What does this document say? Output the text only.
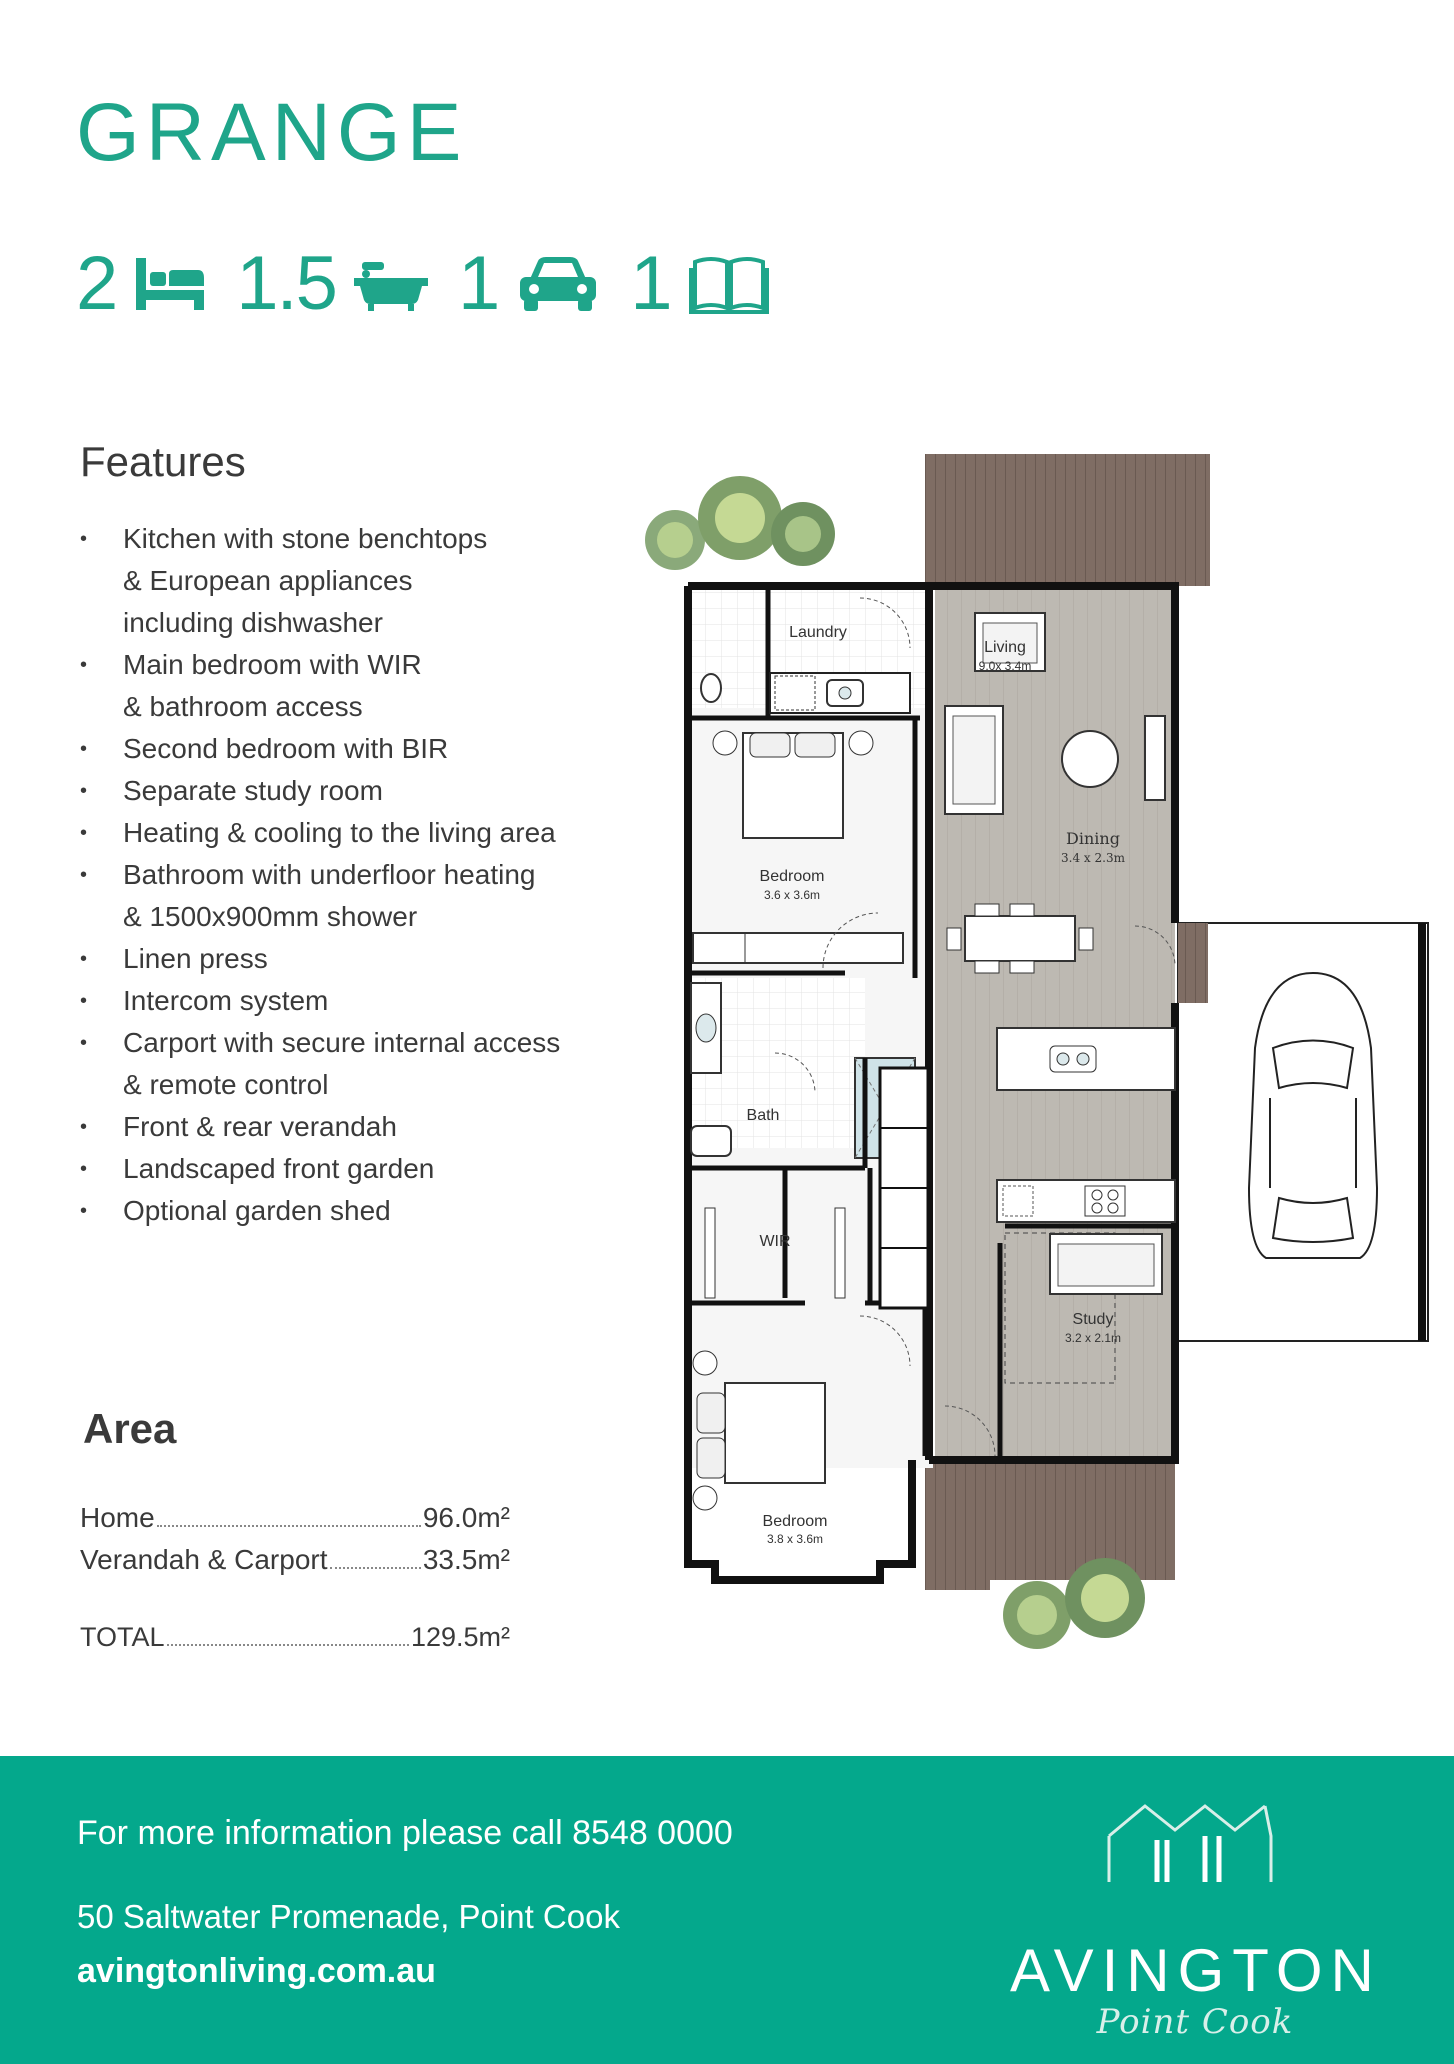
GRANGE
2 1.5 1 1
Features
• Kitchen with stone benchtops
& European appliances
including dishwasher
• Main bedroom with WIR
& bathroom access
• Second bedroom with BIR
• Separate study room
• Heating & cooling to the living area
• Bathroom with underfloor heating
& 1500x900mm shower
• Linen press
• Intercom system
• Carport with secure internal access
& remote control
• Front & rear verandah
• Landscaped front garden
• Optional garden shed
Area
Home	96.0m²
Verandah & Carport	33.5m²
TOTAL	129.5m²
Laundry
Living
9.0x 3.4m
Dining
3.4 x 2.3m
Bedroom
3.6 x 3.6m
Bath
WIR
Study
3.2 x 2.1m
Bedroom
3.8 x 3.6m
For more information please call 8548 0000
50 Saltwater Promenade, Point Cook
avingtonliving.com.au	AVINGTON
Point Cook
